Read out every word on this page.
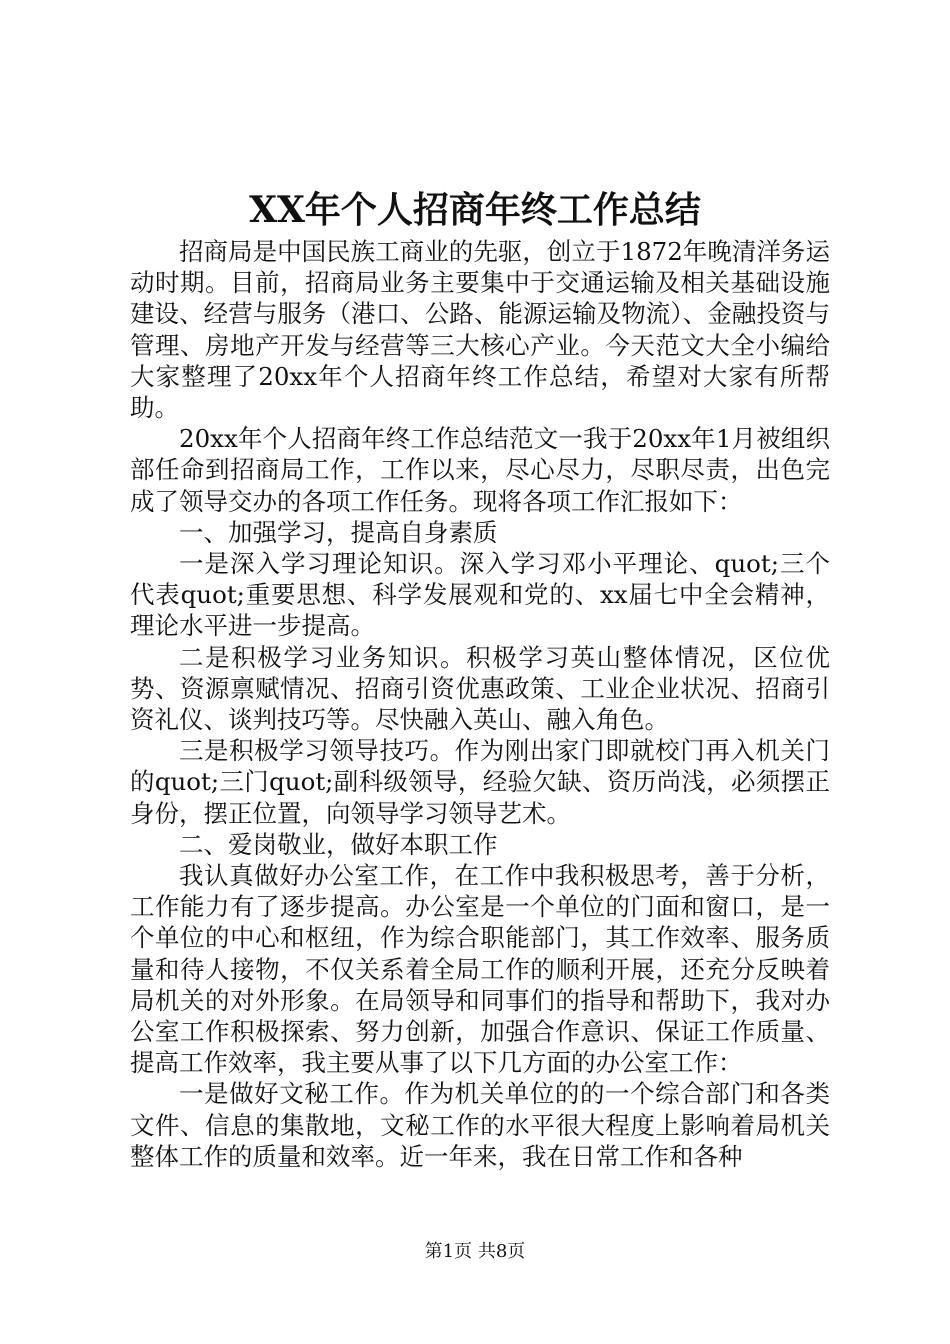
XX年个人招商年终工作总结

招商局是中国民族工商业的先驱，创立于1872年晚清洋务运动时期。目前，招商局业务主要集中于交通运输及相关基础设施建设、经营与服务（港口、公路、能源运输及物流）、金融投资与管理、房地产开发与经营等三大核心产业。今天范文大全小编给大家整理了20xx年个人招商年终工作总结，希望对大家有所帮助。

20xx年个人招商年终工作总结范文一我于20xx年1月被组织部任命到招商局工作，工作以来，尽心尽力，尽职尽责，出色完成了领导交办的各项工作任务。现将各项工作汇报如下：

一、加强学习，提高自身素质

一是深入学习理论知识。深入学习邓小平理论、quot;三个代表quot;重要思想、科学发展观和党的、xx届七中全会精神，理论水平进一步提高。

二是积极学习业务知识。积极学习英山整体情况，区位优势、资源禀赋情况、招商引资优惠政策、工业企业状况、招商引资礼仪、谈判技巧等。尽快融入英山、融入角色。

三是积极学习领导技巧。作为刚出家门即就校门再入机关门的quot;三门quot;副科级领导，经验欠缺、资历尚浅，必须摆正身份，摆正位置，向领导学习领导艺术。

二、爱岗敬业，做好本职工作

我认真做好办公室工作，在工作中我积极思考，善于分析，工作能力有了逐步提高。办公室是一个单位的门面和窗口，是一个单位的中心和枢纽，作为综合职能部门，其工作效率、服务质量和待人接物，不仅关系着全局工作的顺利开展，还充分反映着局机关的对外形象。在局领导和同事们的指导和帮助下，我对办公室工作积极探索、努力创新，加强合作意识、保证工作质量、提高工作效率，我主要从事了以下几方面的办公室工作：

一是做好文秘工作。作为机关单位的的一个综合部门和各类文件、信息的集散地，文秘工作的水平很大程度上影响着局机关整体工作的质量和效率。近一年来，我在日常工作和各种

第1页 共8页
